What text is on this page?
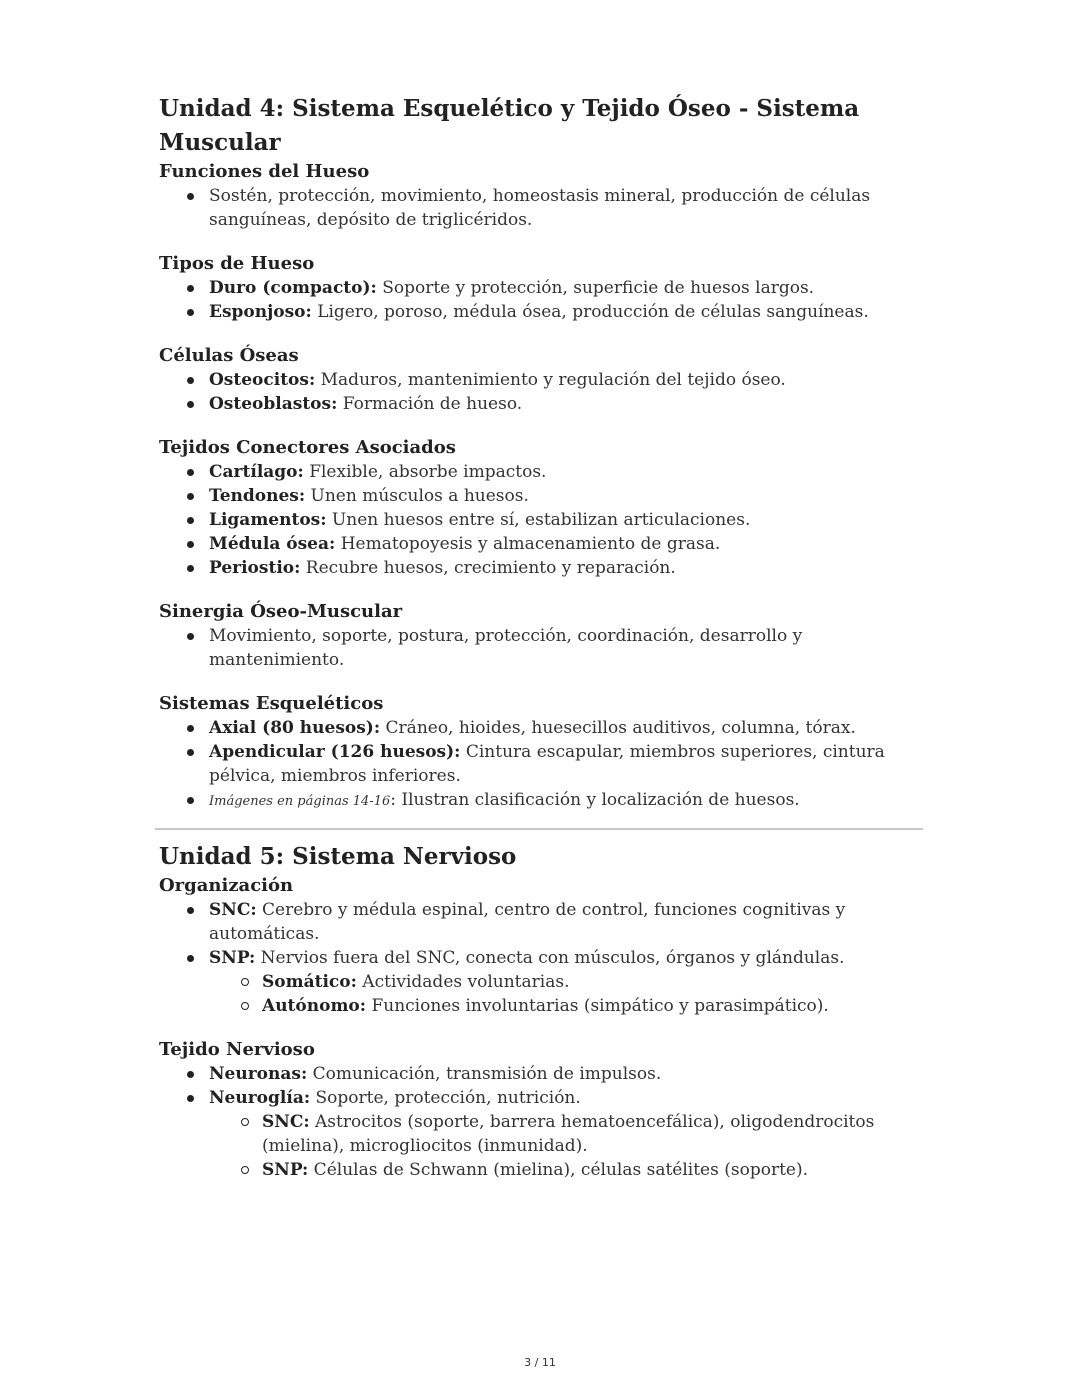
Unidad 4: Sistema Esquelético y Tejido Óseo - Sistema Muscular
Funciones del Hueso
Sostén, protección, movimiento, homeostasis mineral, producción de células sanguíneas, depósito de triglicéridos.
Tipos de Hueso
Duro (compacto): Soporte y protección, superficie de huesos largos.
Esponjoso: Ligero, poroso, médula ósea, producción de células sanguíneas.
Células Óseas
Osteocitos: Maduros, mantenimiento y regulación del tejido óseo.
Osteoblastos: Formación de hueso.
Tejidos Conectores Asociados
Cartílago: Flexible, absorbe impactos.
Tendones: Unen músculos a huesos.
Ligamentos: Unen huesos entre sí, estabilizan articulaciones.
Médula ósea: Hematopoyesis y almacenamiento de grasa.
Periostio: Recubre huesos, crecimiento y reparación.
Sinergia Óseo-Muscular
Movimiento, soporte, postura, protección, coordinación, desarrollo y mantenimiento.
Sistemas Esqueléticos
Axial (80 huesos): Cráneo, hioides, huesecillos auditivos, columna, tórax.
Apendicular (126 huesos): Cintura escapular, miembros superiores, cintura pélvica, miembros inferiores.
Imágenes en páginas 14-16: Ilustran clasificación y localización de huesos.
Unidad 5: Sistema Nervioso
Organización
SNC: Cerebro y médula espinal, centro de control, funciones cognitivas y automáticas.
SNP: Nervios fuera del SNC, conecta con músculos, órganos y glándulas.
Somático: Actividades voluntarias.
Autónomo: Funciones involuntarias (simpático y parasimpático).
Tejido Nervioso
Neuronas: Comunicación, transmisión de impulsos.
Neuroglía: Soporte, protección, nutrición.
SNC: Astrocitos (soporte, barrera hematoencefálica), oligodendrocitos (mielina), microgliocitos (inmunidad).
SNP: Células de Schwann (mielina), células satélites (soporte).
3 / 11
